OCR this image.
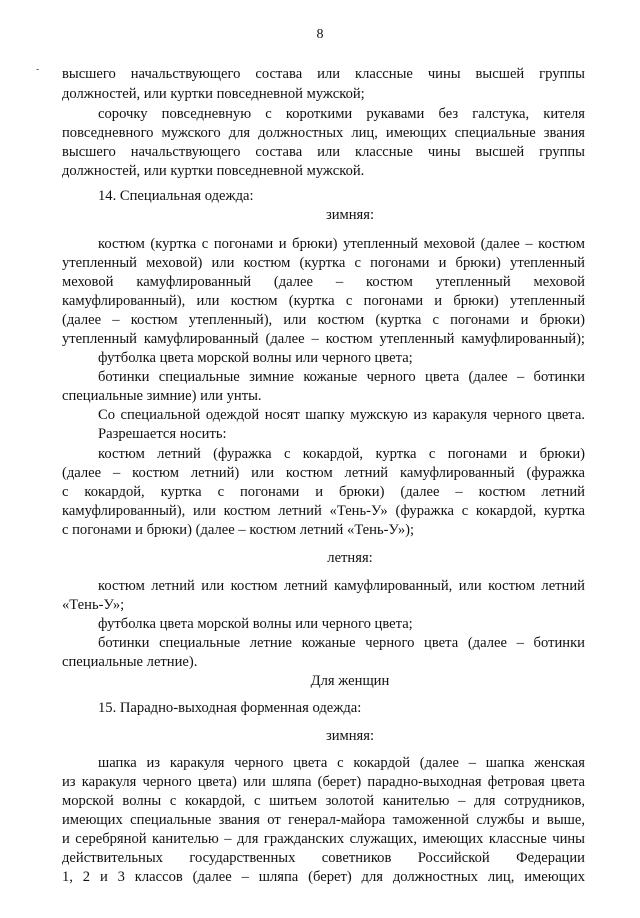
8
- высшего начальствующего состава или классные чины высшей группы
должностей, или куртки повседневной мужской;
сорочку повседневную с короткими рукавами без галстука, кителя
повседневного мужского для должностных лиц, имеющих специальные звания
высшего начальствующего состава или классные чины высшей группы
должностей, или куртки повседневной мужской.
14. Специальная одежда:
зимняя:
костюм (куртка с погонами и брюки) утепленный меховой (далее – костюм
утепленный меховой) или костюм (куртка с погонами и брюки) утепленный
меховой камуфлированный (далее – костюм утепленный меховой
камуфлированный), или костюм (куртка с погонами и брюки) утепленный
(далее – костюм утепленный), или костюм (куртка с погонами и брюки)
утепленный камуфлированный (далее – костюм утепленный камуфлированный);
футболка цвета морской волны или черного цвета;
ботинки специальные зимние кожаные черного цвета (далее – ботинки
специальные зимние) или унты.
Со специальной одеждой носят шапку мужскую из каракуля черного цвета.
Разрешается носить:
костюм летний (фуражка с кокардой, куртка с погонами и брюки)
(далее – костюм летний) или костюм летний камуфлированный (фуражка
с кокардой, куртка с погонами и брюки) (далее – костюм летний
камуфлированный), или костюм летний «Тень-У» (фуражка с кокардой, куртка
с погонами и брюки) (далее – костюм летний «Тень-У»);
летняя:
костюм летний или костюм летний камуфлированный, или костюм летний
«Тень-У»;
футболка цвета морской волны или черного цвета;
ботинки специальные летние кожаные черного цвета (далее – ботинки
специальные летние).
Для женщин
15. Парадно-выходная форменная одежда:
зимняя:
шапка из каракуля черного цвета с кокардой (далее – шапка женская
из каракуля черного цвета) или шляпа (берет) парадно-выходная фетровая цвета
морской волны с кокардой, с шитьем золотой канителью – для сотрудников,
имеющих специальные звания от генерал-майора таможенной службы и выше,
и серебряной канителью – для гражданских служащих, имеющих классные чины
действительных государственных советников Российской Федерации
1, 2 и 3 классов (далее – шляпа (берет) для должностных лиц, имеющих
